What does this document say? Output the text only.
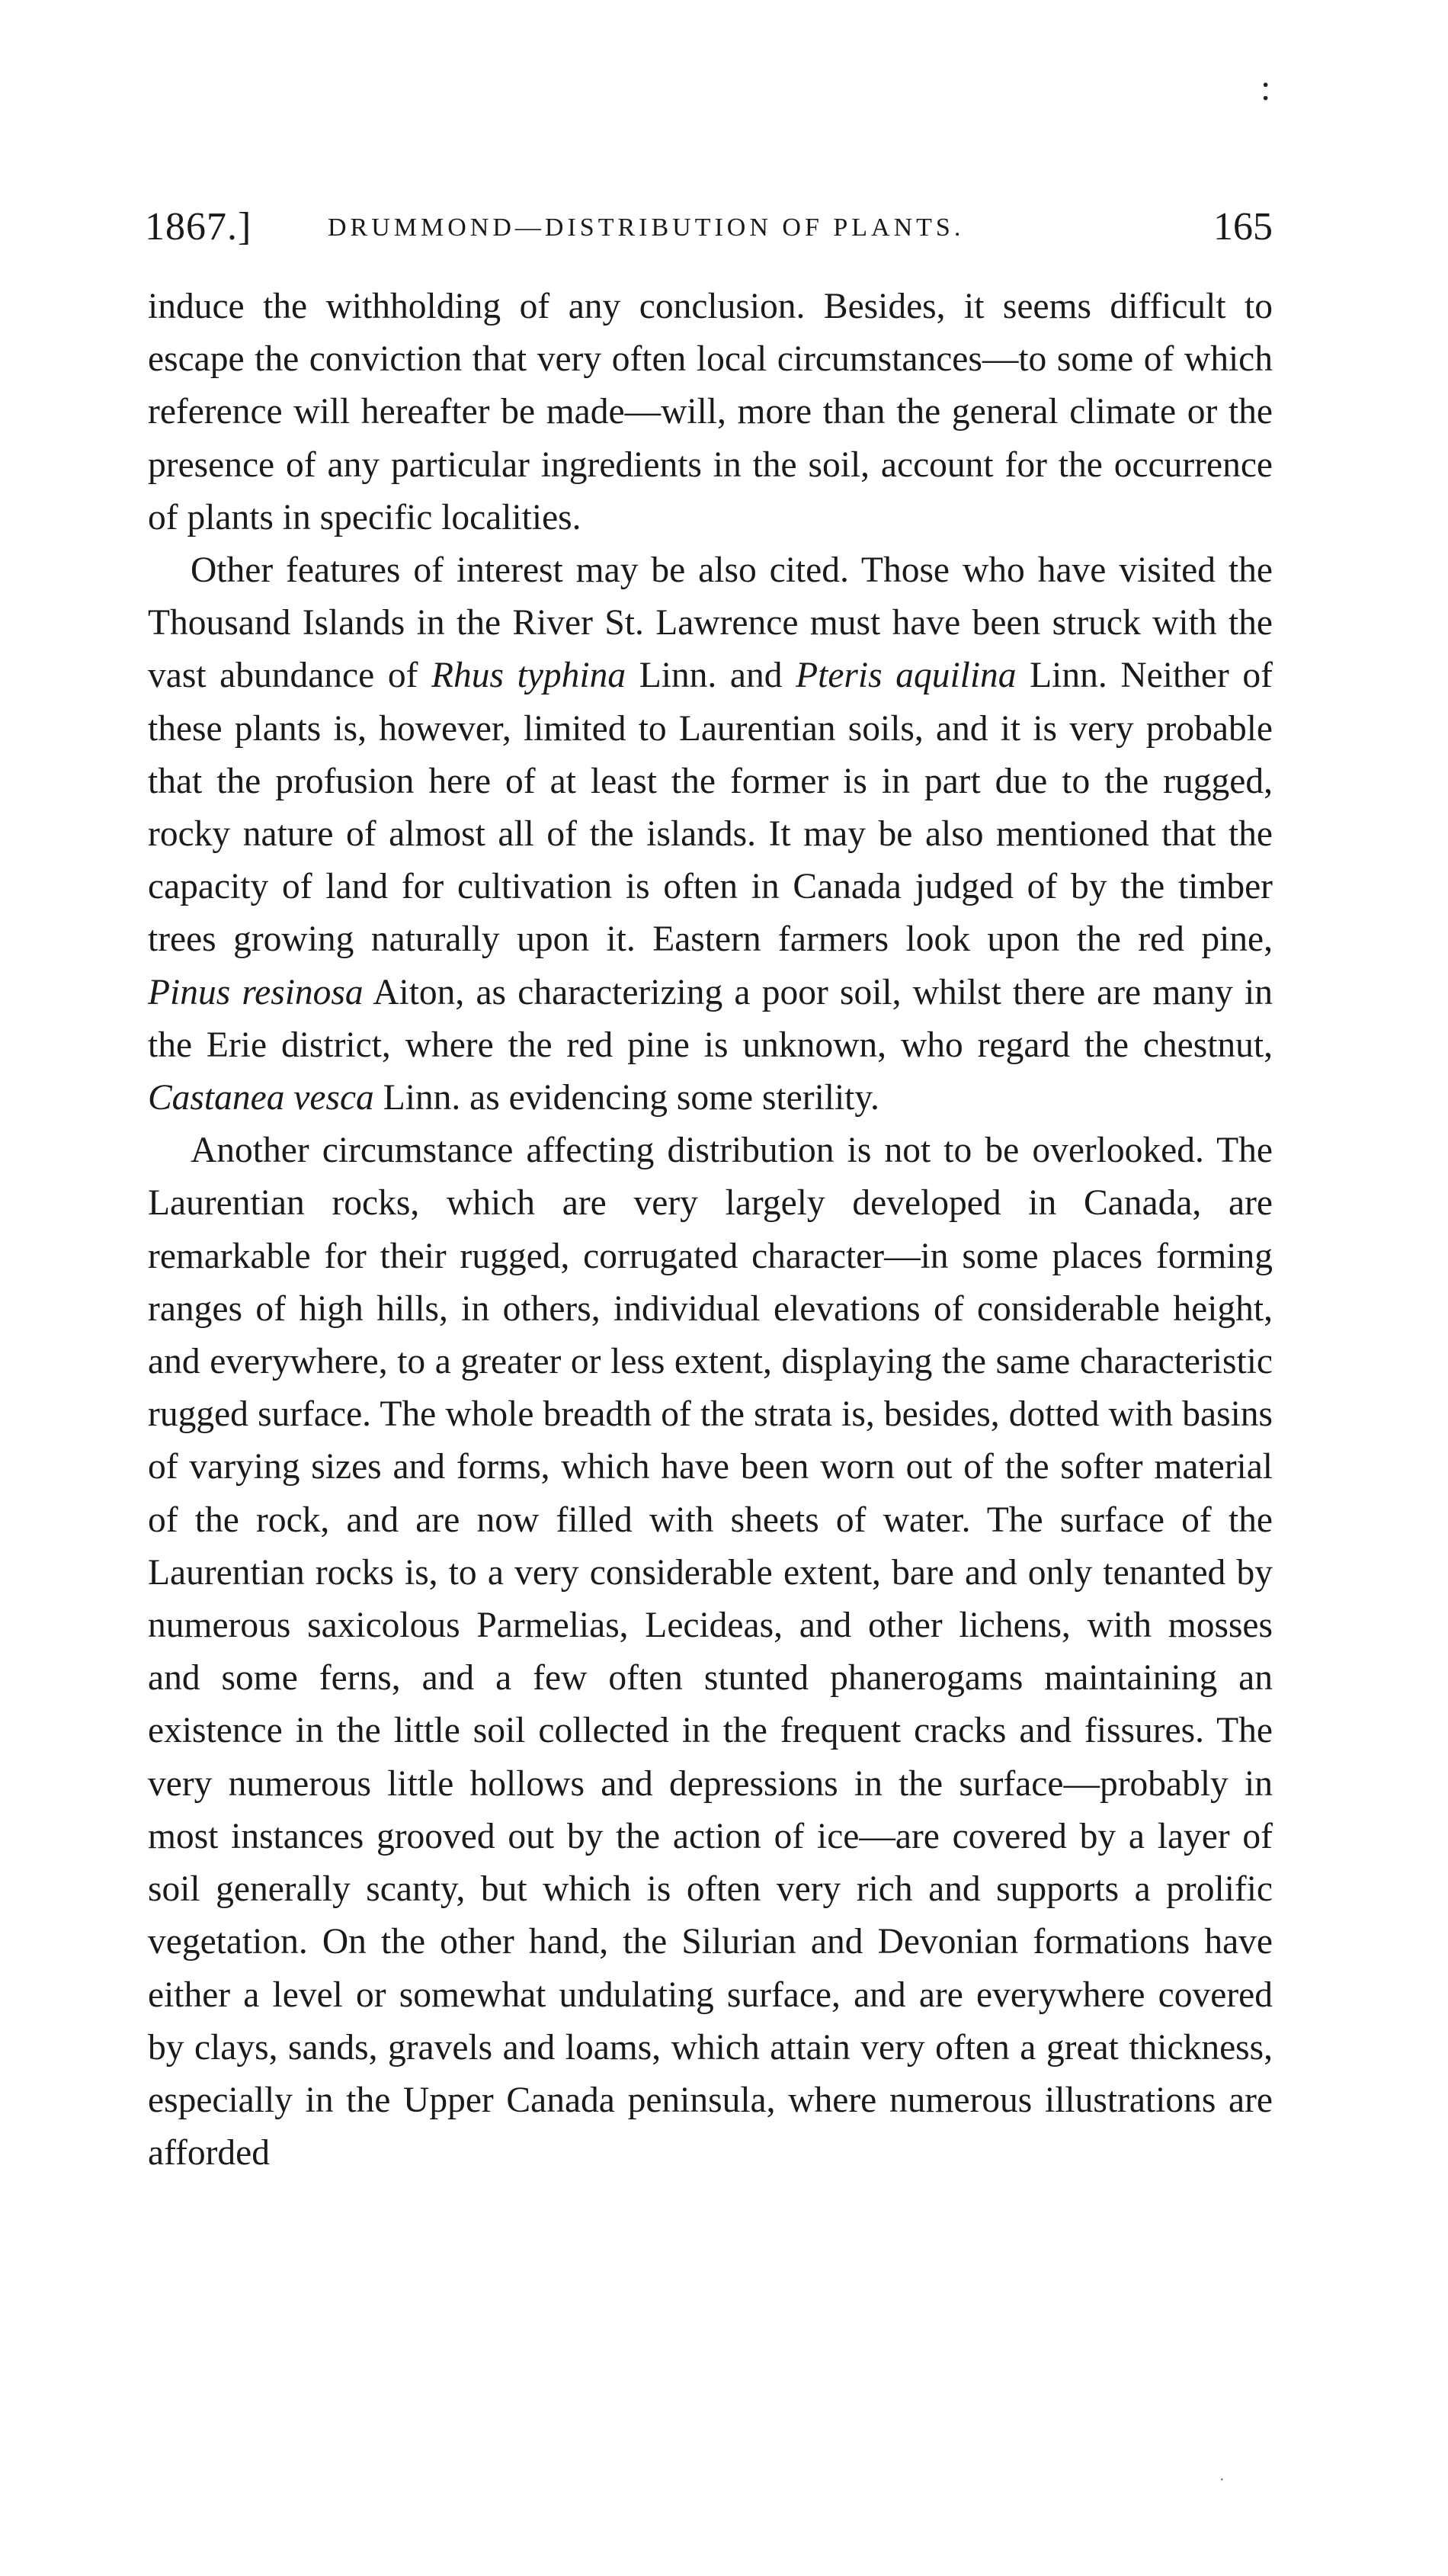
:
1867.]	DRUMMOND—DISTRIBUTION OF PLANTS.	165

induce the withholding of any conclusion. Besides, it seems difficult to escape the conviction that very often local circumstances—to some of which reference will hereafter be made—will, more than the general climate or the presence of any particular ingredients in the soil, account for the occurrence of plants in specific localities.

Other features of interest may be also cited. Those who have visited the Thousand Islands in the River St. Lawrence must have been struck with the vast abundance of Rhus typhina Linn. and Pteris aquilina Linn. Neither of these plants is, however, limited to Laurentian soils, and it is very probable that the profusion here of at least the former is in part due to the rugged, rocky nature of almost all of the islands. It may be also mentioned that the capacity of land for cultivation is often in Canada judged of by the timber trees growing naturally upon it. Eastern farmers look upon the red pine, Pinus resinosa Aiton, as characterizing a poor soil, whilst there are many in the Erie district, where the red pine is unknown, who regard the chestnut, Castanea vesca Linn. as evidencing some sterility.

Another circumstance affecting distribution is not to be overlooked. The Laurentian rocks, which are very largely developed in Canada, are remarkable for their rugged, corrugated character—in some places forming ranges of high hills, in others, individual elevations of considerable height, and everywhere, to a greater or less extent, displaying the same characteristic rugged surface. The whole breadth of the strata is, besides, dotted with basins of varying sizes and forms, which have been worn out of the softer material of the rock, and are now filled with sheets of water. The surface of the Laurentian rocks is, to a very considerable extent, bare and only tenanted by numerous saxicolous Parmelias, Lecideas, and other lichens, with mosses and some ferns, and a few often stunted phanerogams maintaining an existence in the little soil collected in the frequent cracks and fissures. The very numerous little hollows and depressions in the surface—probably in most instances grooved out by the action of ice—are covered by a layer of soil generally scanty, but which is often very rich and supports a prolific vegetation. On the other hand, the Silurian and Devonian formations have either a level or somewhat undulating surface, and are everywhere covered by clays, sands, gravels and loams, which attain very often a great thickness, especially in the Upper Canada peninsula, where numerous illustrations are afforded

·
